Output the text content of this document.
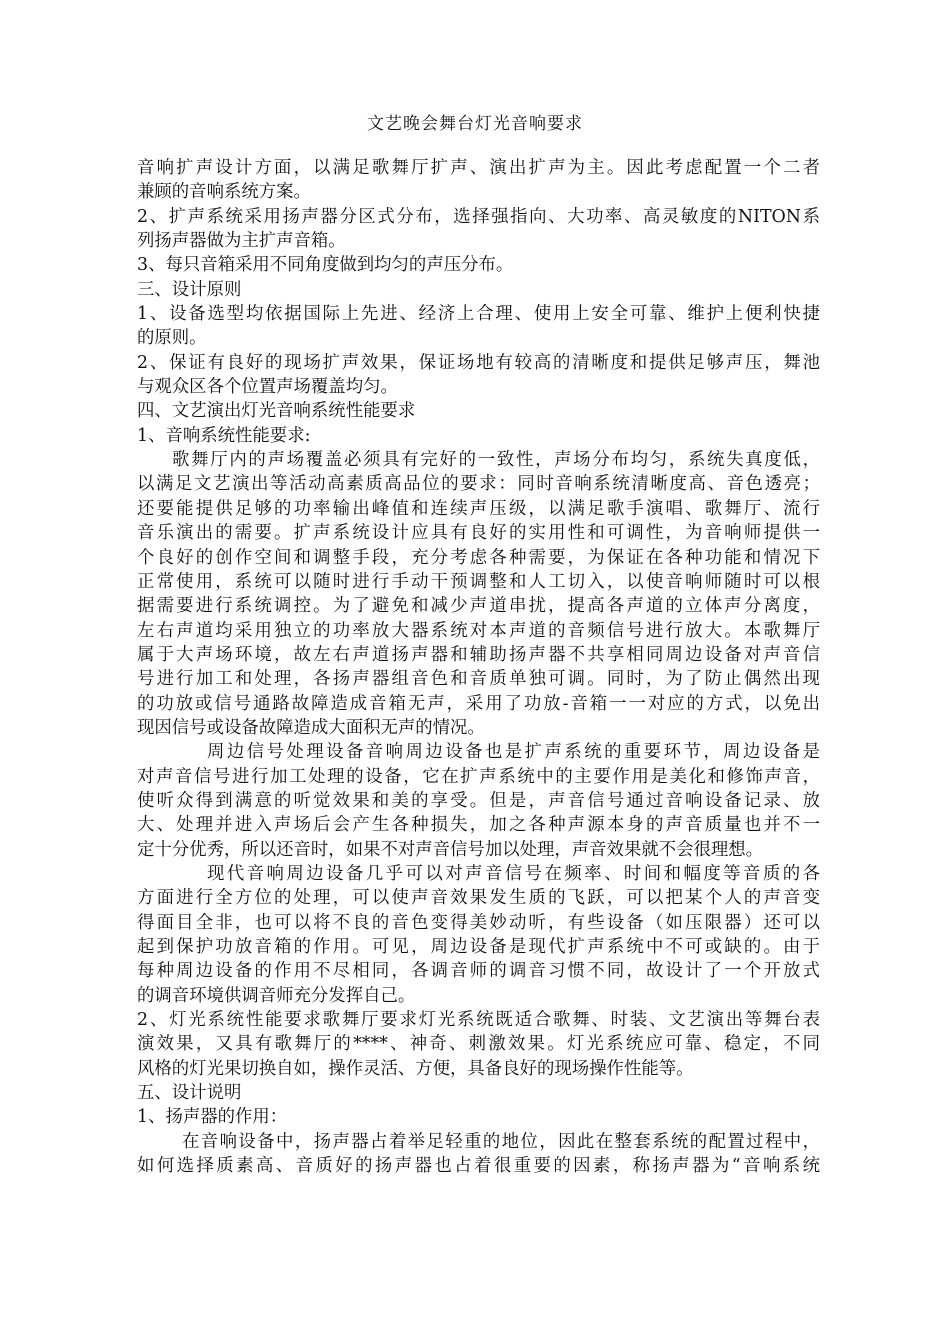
文艺晚会舞台灯光音响要求

音响扩声设计方面，以满足歌舞厅扩声、演出扩声为主。因此考虑配置一个二者
兼顾的音响系统方案。

2、扩声系统采用扬声器分区式分布，选择强指向、大功率、高灵敏度的NITON系
列扬声器做为主扩声音箱。

3、每只音箱采用不同角度做到均匀的声压分布。

三、设计原则

1、设备选型均依据国际上先进、经济上合理、使用上安全可靠、维护上便利快捷
的原则。

2、保证有良好的现场扩声效果，保证场地有较高的清晰度和提供足够声压，舞池
与观众区各个位置声场覆盖均匀。

四、文艺演出灯光音响系统性能要求

1、音响系统性能要求:

歌舞厅内的声场覆盖必须具有完好的一致性，声场分布均匀，系统失真度低，
以满足文艺演出等活动高素质高品位的要求：同时音响系统清晰度高、音色透亮；
还要能提供足够的功率输出峰值和连续声压级，以满足歌手演唱、歌舞厅、流行
音乐演出的需要。扩声系统设计应具有良好的实用性和可调性，为音响师提供一
个良好的创作空间和调整手段，充分考虑各种需要，为保证在各种功能和情况下
正常使用，系统可以随时进行手动干预调整和人工切入，以使音响师随时可以根
据需要进行系统调控。为了避免和减少声道串扰，提高各声道的立体声分离度，
左右声道均采用独立的功率放大器系统对本声道的音频信号进行放大。本歌舞厅
属于大声场环境，故左右声道扬声器和辅助扬声器不共享相同周边设备对声音信
号进行加工和处理，各扬声器组音色和音质单独可调。同时，为了防止偶然出现
的功放或信号通路故障造成音箱无声，采用了功放-音箱一一对应的方式，以免出
现因信号或设备故障造成大面积无声的情况。

周边信号处理设备音响周边设备也是扩声系统的重要环节，周边设备是
对声音信号进行加工处理的设备，它在扩声系统中的主要作用是美化和修饰声音，
使听众得到满意的听觉效果和美的享受。但是，声音信号通过音响设备记录、放
大、处理并进入声场后会产生各种损失，加之各种声源本身的声音质量也并不一
定十分优秀，所以还音时，如果不对声音信号加以处理，声音效果就不会很理想。

现代音响周边设备几乎可以对声音信号在频率、时间和幅度等音质的各
方面进行全方位的处理，可以使声音效果发生质的飞跃，可以把某个人的声音变
得面目全非，也可以将不良的音色变得美妙动听，有些设备（如压限器）还可以
起到保护功放音箱的作用。可见，周边设备是现代扩声系统中不可或缺的。由于
每种周边设备的作用不尽相同，各调音师的调音习惯不同，故设计了一个开放式
的调音环境供调音师充分发挥自己。

2、灯光系统性能要求歌舞厅要求灯光系统既适合歌舞、时装、文艺演出等舞台表
演效果，又具有歌舞厅的****、神奇、刺激效果。灯光系统应可靠、稳定，不同
风格的灯光果切换自如，操作灵活、方便，具备良好的现场操作性能等。

五、设计说明

1、扬声器的作用：

在音响设备中，扬声器占着举足轻重的地位，因此在整套系统的配置过程中，
如何选择质素高、音质好的扬声器也占着很重要的因素，称扬声器为“音响系统
